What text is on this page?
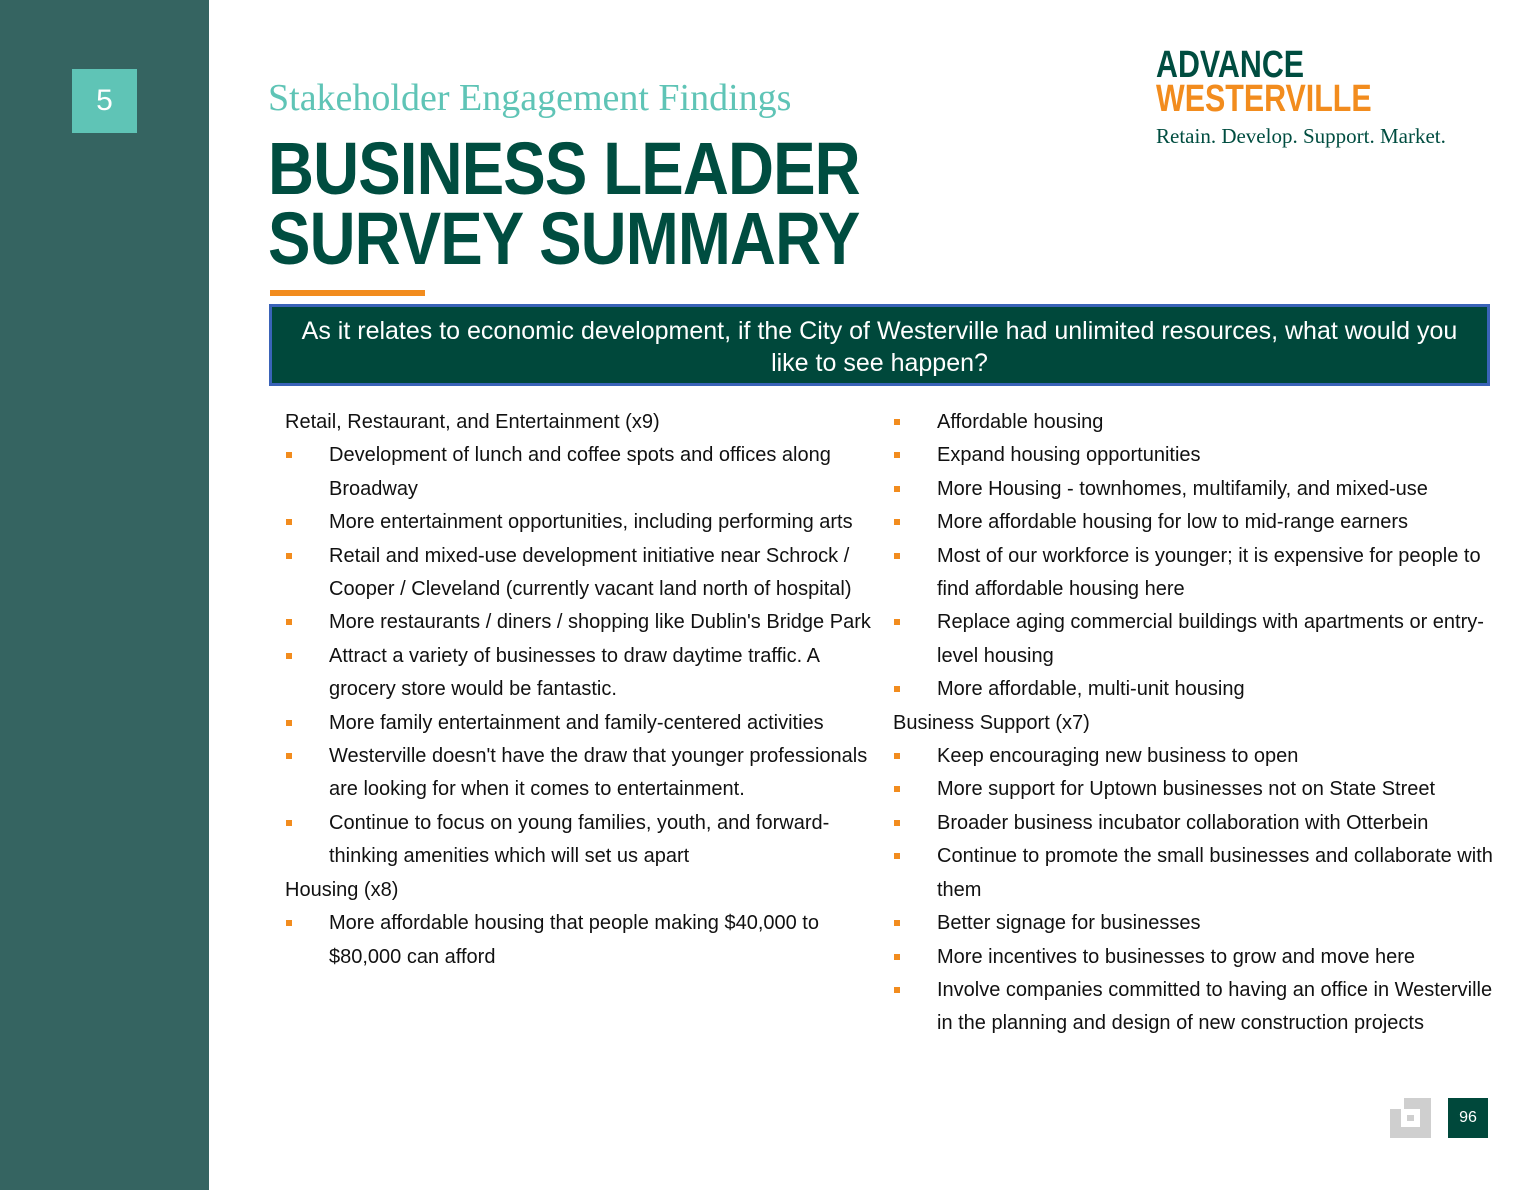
5	Stakeholder Engagement Findings
BUSINESS LEADER SURVEY SUMMARY
ADVANCE
WESTERVILLE
Retain. Develop. Support. Market.
As it relates to economic development, if the City of Westerville had unlimited resources, what would you like to see happen?
Retail, Restaurant, and Entertainment (x9)
Development of lunch and coffee spots and offices along Broadway
More entertainment opportunities, including performing arts
Retail and mixed-use development initiative near Schrock / Cooper / Cleveland (currently vacant land north of hospital)
More restaurants / diners / shopping like Dublin's Bridge Park
Attract a variety of businesses to draw daytime traffic. A grocery store would be fantastic.
More family entertainment and family-centered activities
Westerville doesn't have the draw that younger professionals are looking for when it comes to entertainment.
Continue to focus on young families, youth, and forward-thinking amenities which will set us apart
Housing (x8)
More affordable housing that people making $40,000 to $80,000 can afford
Affordable housing
Expand housing opportunities
More Housing - townhomes, multifamily, and mixed-use
More affordable housing for low to mid-range earners
Most of our workforce is younger; it is expensive for people to find affordable housing here
Replace aging commercial buildings with apartments or entry-level housing
More affordable, multi-unit housing
Business Support (x7)
Keep encouraging new business to open
More support for Uptown businesses not on State Street
Broader business incubator collaboration with Otterbein
Continue to promote the small businesses and collaborate with them
Better signage for businesses
More incentives to businesses to grow and move here
Involve companies committed to having an office in Westerville in the planning and design of new construction projects
96
